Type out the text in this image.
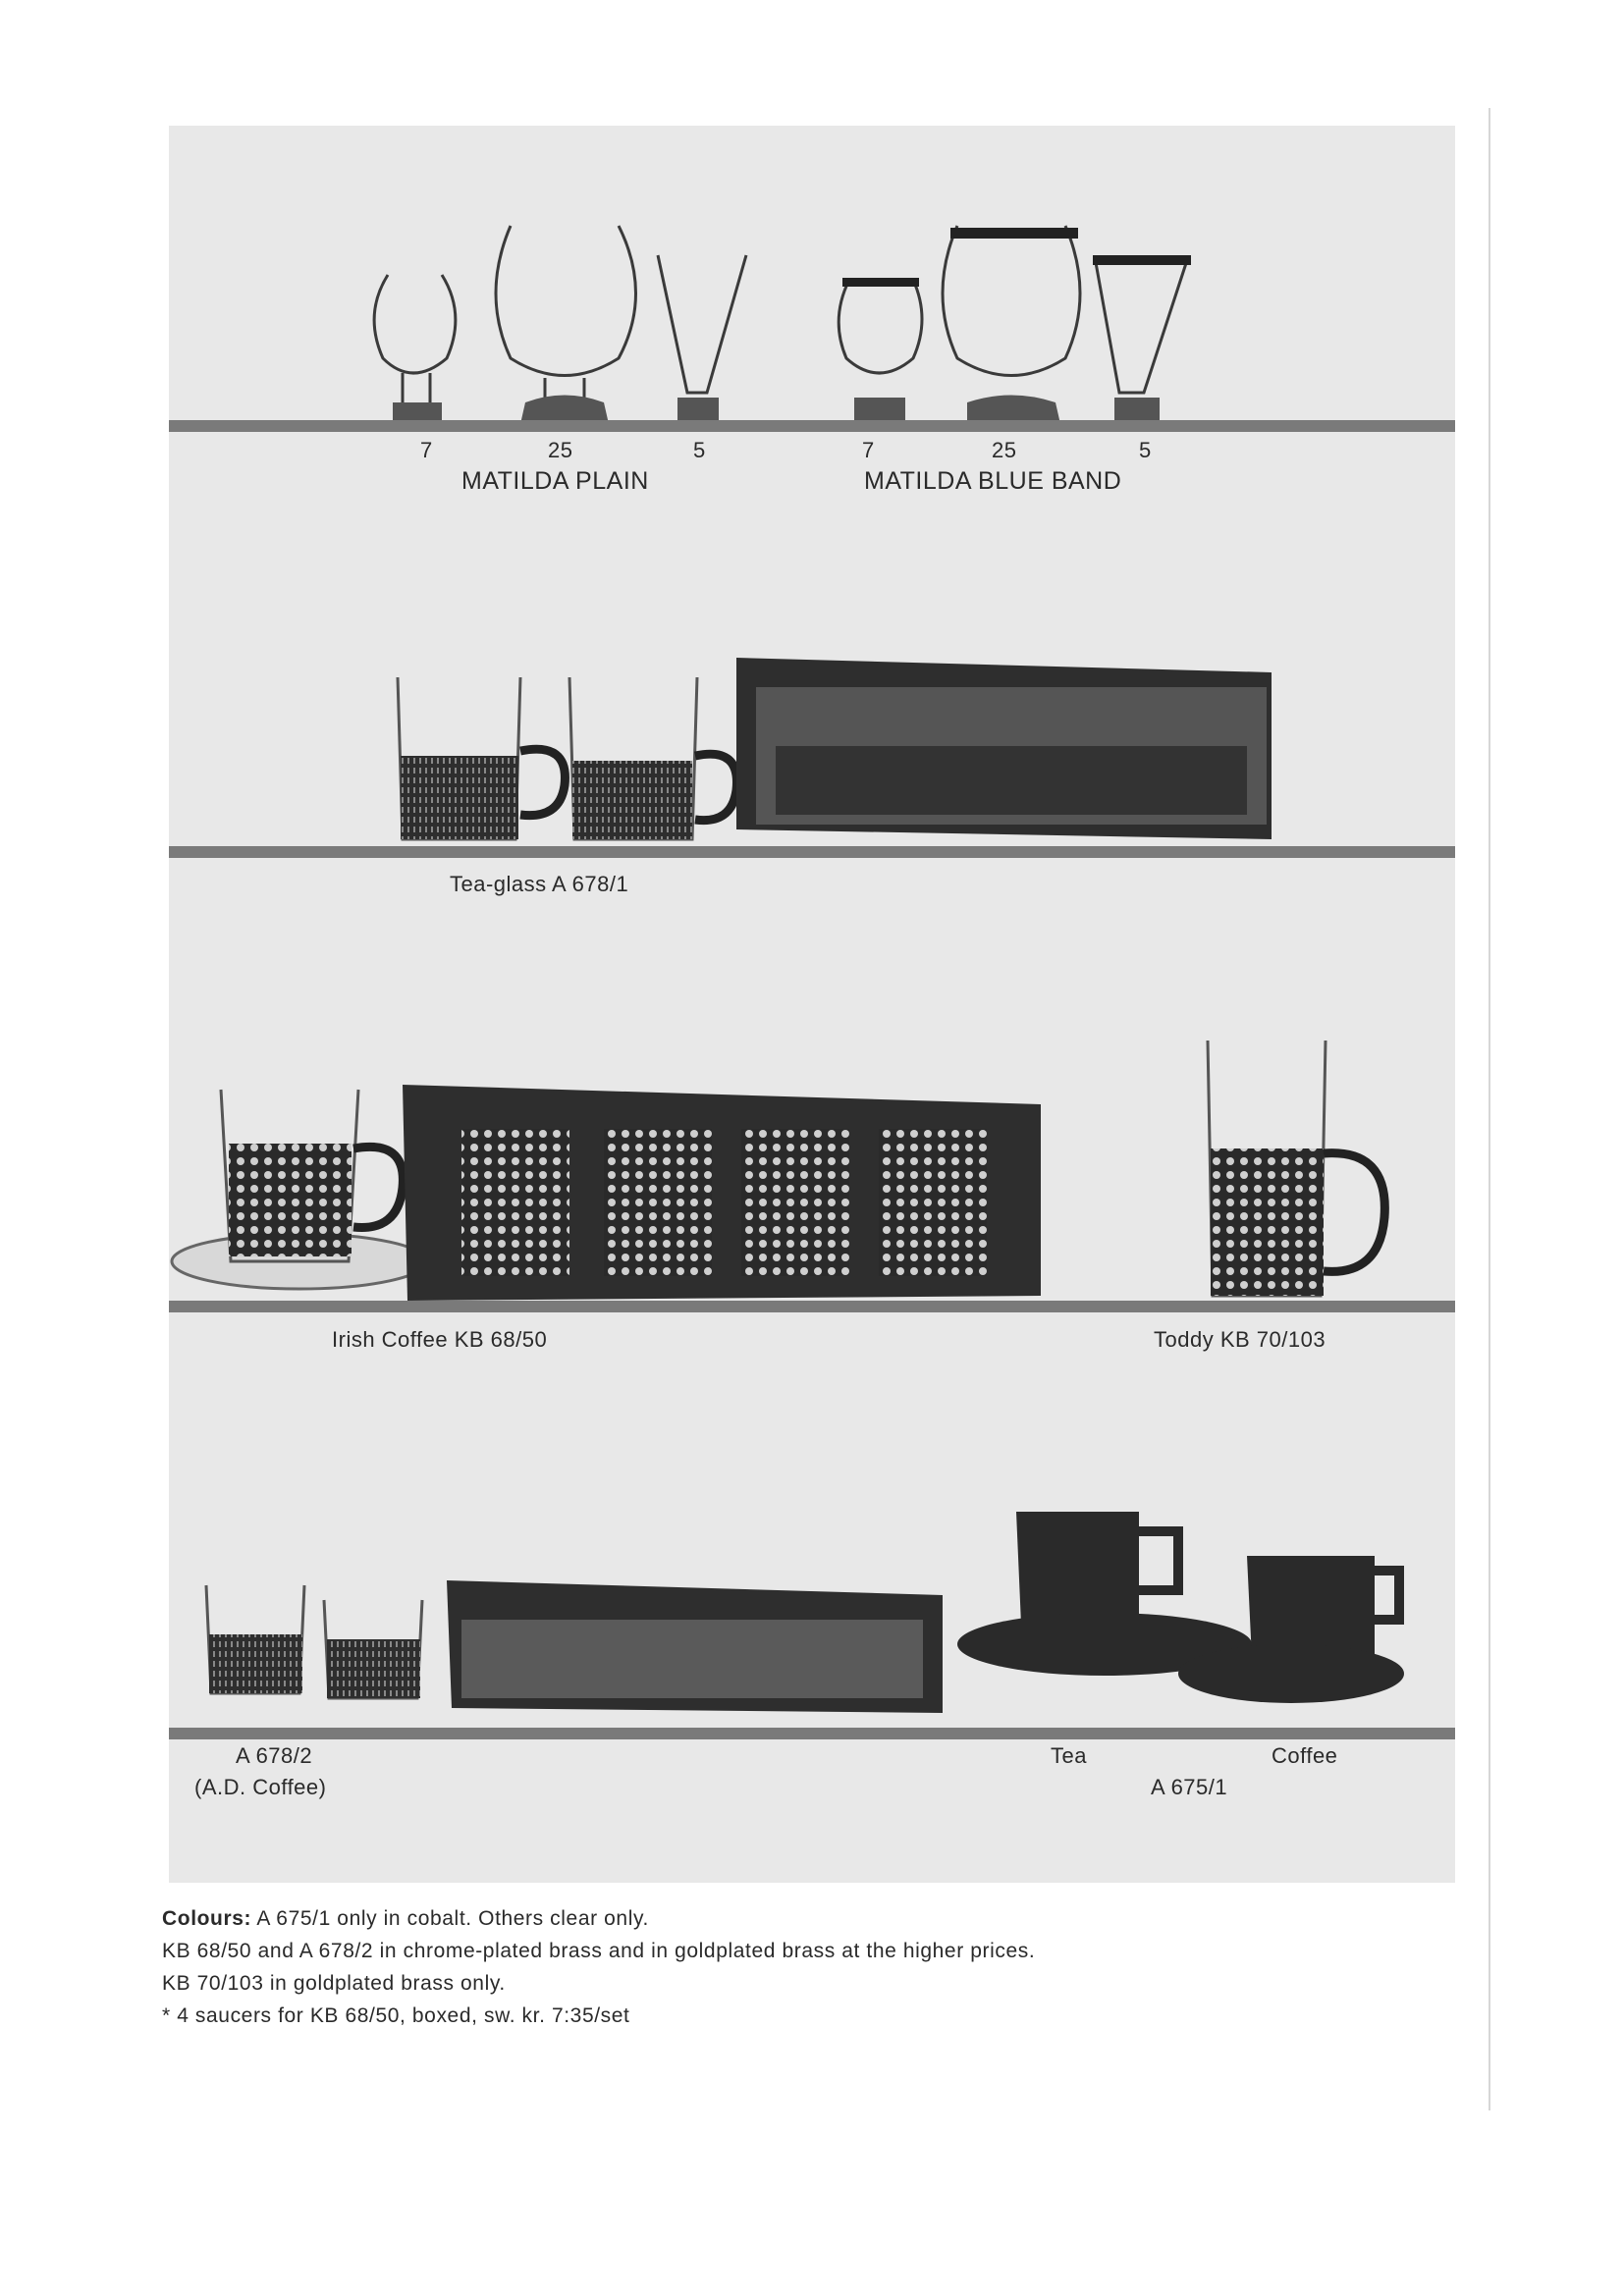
7	25	5	7	25	5
MATILDA PLAIN	MATILDA BLUE BAND
Tea-glass A 678/1
Irish Coffee KB 68/50	Toddy KB 70/103
A 678/2
(A.D. Coffee)
Tea	Coffee
A 675/1
Colours: A 675/1 only in cobalt. Others clear only.
KB 68/50 and A 678/2 in chrome-plated brass and in goldplated brass at the higher prices.
KB 70/103 in goldplated brass only.
* 4 saucers for KB 68/50, boxed, sw. kr. 7:35/set
